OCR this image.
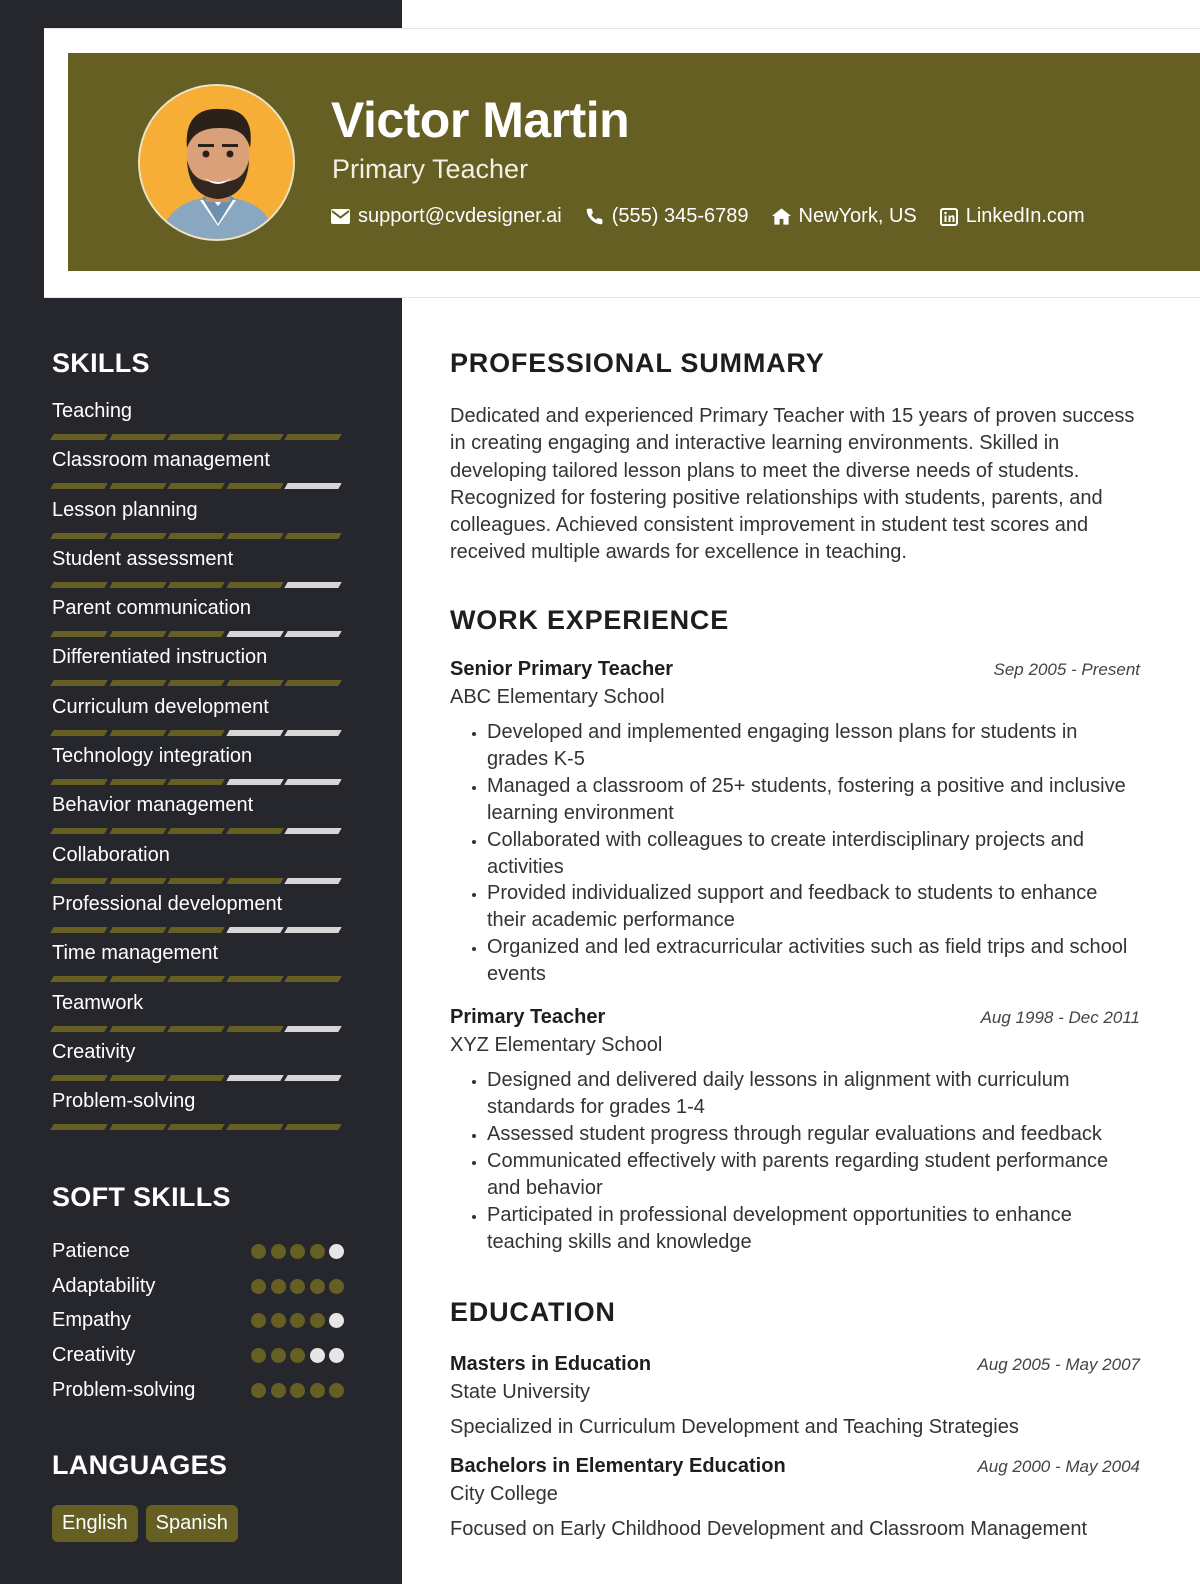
Victor Martin
Primary Teacher
support@cvdesigner.ai	(555) 345-6789	NewYork, US LinkedIn.com
SKILLS
Teaching
Classroom management
Lesson planning
Student assessment
Parent communication
Differentiated instruction
Curriculum development
Technology integration
Behavior management
Collaboration
Professional development
Time management
Teamwork
Creativity
Problem-solving
SOFT SKILLS
Patience
Adaptability
Empathy
Creativity
Problem-solving
LANGUAGES
English	Spanish
PROFESSIONAL SUMMARY
Dedicated and experienced Primary Teacher with 15 years of proven success in creating engaging and interactive learning environments. Skilled in developing tailored lesson plans to meet the diverse needs of students. Recognized for fostering positive relationships with students, parents, and colleagues. Achieved consistent improvement in student test scores and received multiple awards for excellence in teaching.
WORK EXPERIENCE
Senior Primary Teacher	Sep 2005 - Present
ABC Elementary School
• Developed and implemented engaging lesson plans for students in grades K-5
• Managed a classroom of 25+ students, fostering a positive and inclusive learning environment
• Collaborated with colleagues to create interdisciplinary projects and activities
• Provided individualized support and feedback to students to enhance their academic performance
• Organized and led extracurricular activities such as field trips and school events
Primary Teacher	Aug 1998 - Dec 2011
XYZ Elementary School
• Designed and delivered daily lessons in alignment with curriculum standards for grades 1-4
• Assessed student progress through regular evaluations and feedback
• Communicated effectively with parents regarding student performance and behavior
• Participated in professional development opportunities to enhance teaching skills and knowledge
EDUCATION
Masters in Education	Aug 2005 - May 2007
State University
Specialized in Curriculum Development and Teaching Strategies
Bachelors in Elementary Education	Aug 2000 - May 2004
City College
Focused on Early Childhood Development and Classroom Management
